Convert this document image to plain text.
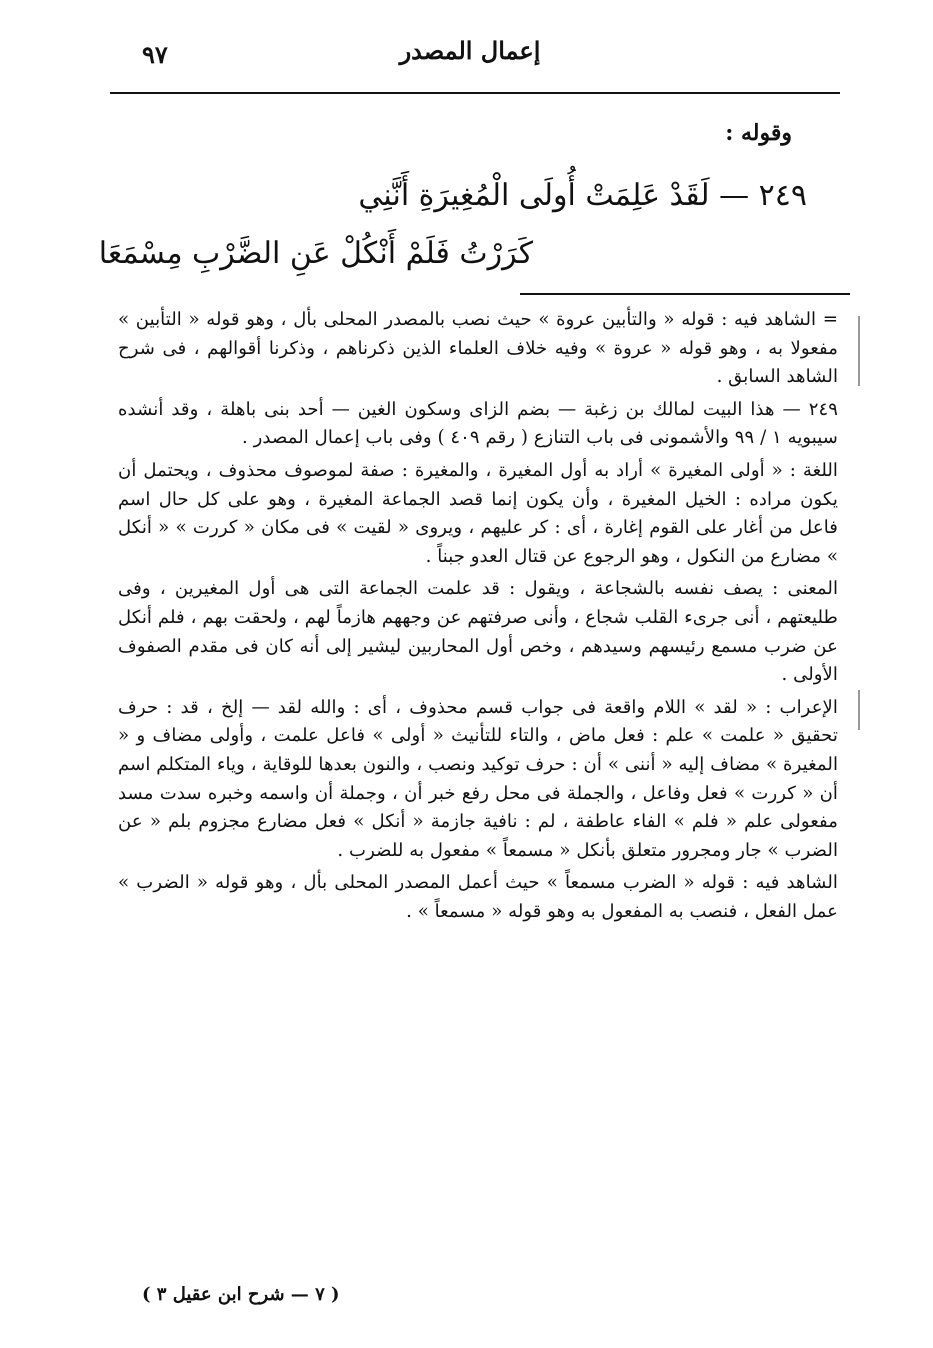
٩٧	إعمال المصدر
وقوله :
٢٤٩ — لَقَدْ عَلِمَتْ أُولَى الْمُغِيرَةِ أَنَّنِي
كَرَرْتُ فَلَمْ أَنْكُلْ عَنِ الضَّرْبِ مِسْمَعَا

= الشاهد فيه : قوله « والتأبين عروة » حيث نصب بالمصدر المحلى بأل ، وهو قوله « التأبين » مفعولا به ، وهو قوله « عروة » وفيه خلاف العلماء الذين ذكرناهم ، وذكرنا أقوالهم ، فى شرح الشاهد السابق .

٢٤٩ — هذا البيت لمالك بن زغبة — بضم الزاى وسكون الغين — أحد بنى باهلة ، وقد أنشده سيبويه ١ / ٩٩ والأشمونى فى باب التنازع ( رقم ٤٠٩ ) وفى باب إعمال المصدر .

اللغة : « أولى المغيرة » أراد به أول المغيرة ، والمغيرة : صفة لموصوف محذوف ، ويحتمل أن يكون مراده : الخيل المغيرة ، وأن يكون إنما قصد الجماعة المغيرة ، وهو على كل حال اسم فاعل من أغار على القوم إغارة ، أى : كر عليهم ، ويروى « لقيت » فى مكان « كررت » « أنكل » مضارع من النكول ، وهو الرجوع عن قتال العدو جبناً .

المعنى : يصف نفسه بالشجاعة ، ويقول : قد علمت الجماعة التى هى أول المغيرين ، وفى طليعتهم ، أنى جرىء القلب شجاع ، وأنى صرفتهم عن وجههم هازماً لهم ، ولحقت بهم ، فلم أنكل عن ضرب مسمع رئيسهم وسيدهم ، وخص أول المحاربين ليشير إلى أنه كان فى مقدم الصفوف الأولى .

الإعراب : « لقد » اللام واقعة فى جواب قسم محذوف ، أى : والله لقد — إلخ ، قد : حرف تحقيق « علمت » علم : فعل ماض ، والتاء للتأنيث « أولى » فاعل علمت ، وأولى مضاف و « المغيرة » مضاف إليه « أننى » أن : حرف توكيد ونصب ، والنون بعدها للوقاية ، وياء المتكلم اسم أن « كررت » فعل وفاعل ، والجملة فى محل رفع خبر أن ، وجملة أن واسمه وخبره سدت مسد مفعولى علم « فلم » الفاء عاطفة ، لم : نافية جازمة « أنكل » فعل مضارع مجزوم بلم « عن الضرب » جار ومجرور متعلق بأنكل « مسمعاً » مفعول به للضرب .

الشاهد فيه : قوله « الضرب مسمعاً » حيث أعمل المصدر المحلى بأل ، وهو قوله « الضرب » عمل الفعل ، فنصب به المفعول به وهو قوله « مسمعاً » .

( ٧ — شرح ابن عقيل ٣ )
